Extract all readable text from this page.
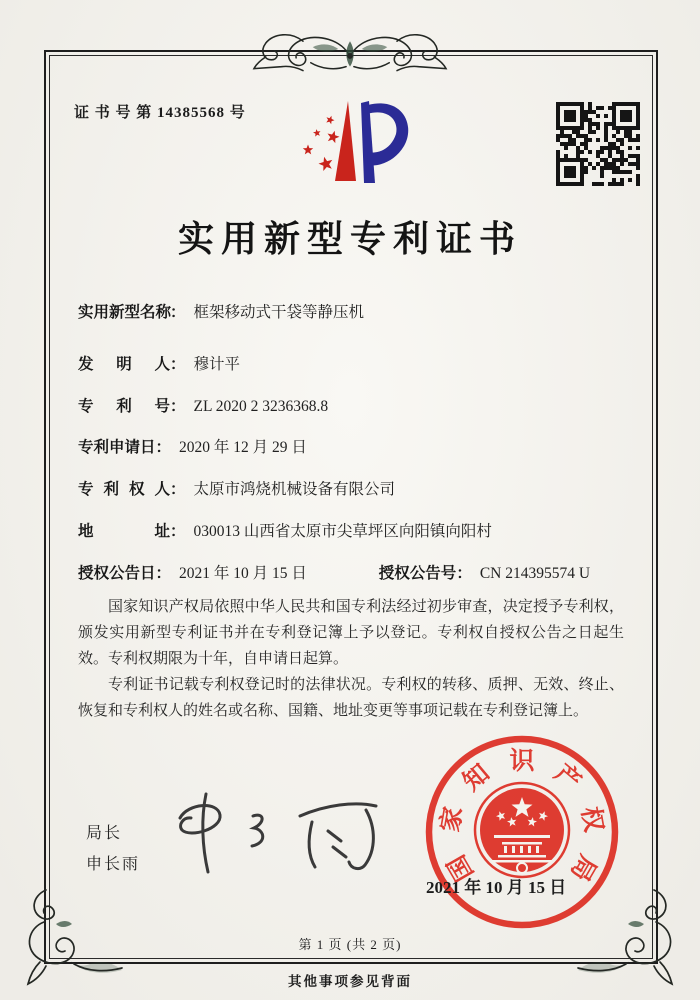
证 书 号 第 14385568 号
实用新型专利证书
实用新型名称： 框架移动式干袋等静压机
发明人： 穆计平
专利号： ZL 2020 2 3236368.8
专利申请日： 2020 年 12 月 29 日
专利权人： 太原市鸿烧机械设备有限公司
地址： 030013 山西省太原市尖草坪区向阳镇向阳村
授权公告日： 2021 年 10 月 15 日	授权公告号： CN 214395574 U

国家知识产权局依照中华人民共和国专利法经过初步审查，决定授予专利权，颁发实用新型专利证书并在专利登记簿上予以登记。专利权自授权公告之日起生效。专利权期限为十年，自申请日起算。

专利证书记载专利权登记时的法律状况。专利权的转移、质押、无效、终止、恢复和专利权人的姓名或名称、国籍、地址变更等事项记载在专利登记簿上。

局长
申长雨	国
家
知 识 产
权
局
2021 年 10 月 15 日
第 1 页 (共 2 页)
其他事项参见背面
